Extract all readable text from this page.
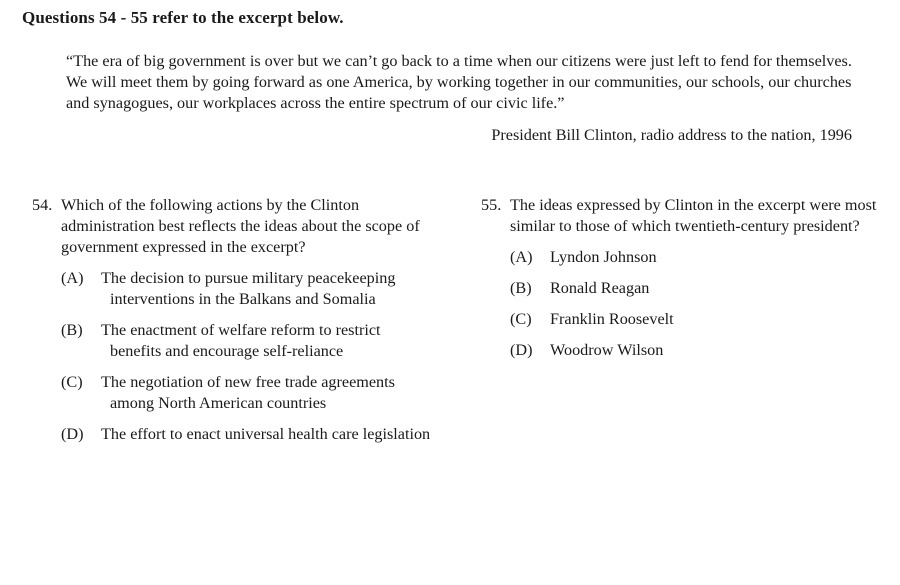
Questions 54 - 55 refer to the excerpt below.
“The era of big government is over but we can’t go back to a time when our citizens were just left to fend for themselves. We will meet them by going forward as one America, by working together in our communities, our schools, our churches and synagogues, our workplaces across the entire spectrum of our civic life.”
President Bill Clinton, radio address to the nation, 1996
54. Which of the following actions by the Clinton administration best reflects the ideas about the scope of government expressed in the excerpt?
(A)	The decision to pursue military peacekeeping interventions in the Balkans and Somalia
(B)	The enactment of welfare reform to restrict benefits and encourage self-reliance
(C)	The negotiation of new free trade agreements among North American countries
(D)	The effort to enact universal health care legislation
55. The ideas expressed by Clinton in the excerpt were most similar to those of which twentieth-century president?
(A)	Lyndon Johnson
(B)	Ronald Reagan
(C)	Franklin Roosevelt
(D)	Woodrow Wilson
